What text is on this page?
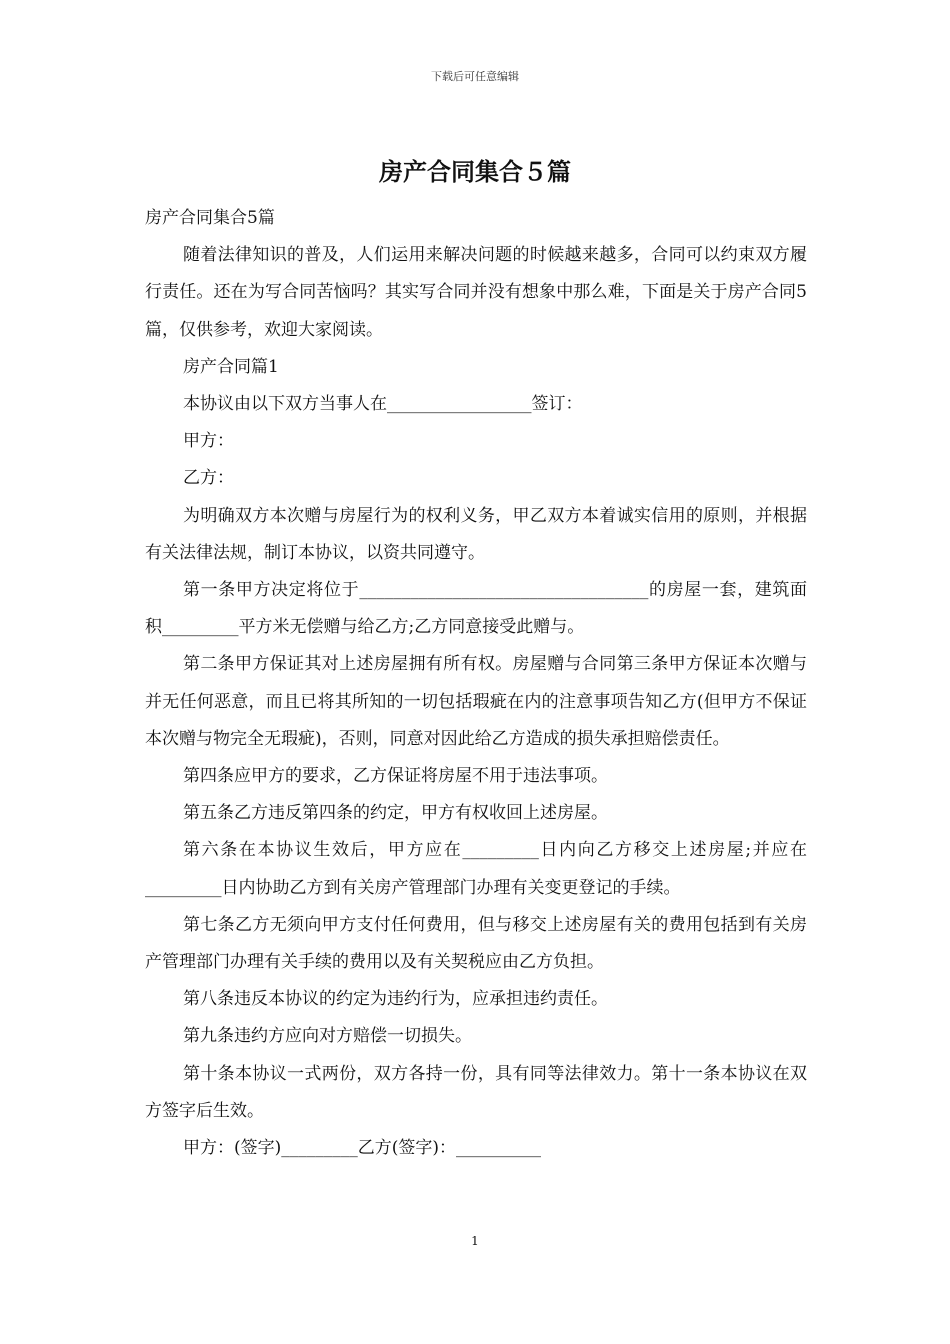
下载后可任意编辑
房产合同集合５篇

房产合同集合5篇

随着法律知识的普及，人们运用来解决问题的时候越来越多，合同可以约束双方履行责任。还在为写合同苦恼吗？其实写合同并没有想象中那么难，下面是关于房产合同5篇，仅供参考，欢迎大家阅读。

房产合同篇1

本协议由以下双方当事人在_________________签订：

甲方：

乙方：

为明确双方本次赠与房屋行为的权利义务，甲乙双方本着诚实信用的原则，并根据有关法律法规，制订本协议，以资共同遵守。

第一条甲方决定将位于__________________________________的房屋一套，建筑面积_________平方米无偿赠与给乙方;乙方同意接受此赠与。

第二条甲方保证其对上述房屋拥有所有权。房屋赠与合同第三条甲方保证本次赠与并无任何恶意，而且已将其所知的一切包括瑕疵在内的注意事项告知乙方(但甲方不保证本次赠与物完全无瑕疵)，否则，同意对因此给乙方造成的损失承担赔偿责任。

第四条应甲方的要求，乙方保证将房屋不用于违法事项。

第五条乙方违反第四条的约定，甲方有权收回上述房屋。

第六条在本协议生效后，甲方应在_________日内向乙方移交上述房屋;并应在_________日内协助乙方到有关房产管理部门办理有关变更登记的手续。

第七条乙方无须向甲方支付任何费用，但与移交上述房屋有关的费用包括到有关房产管理部门办理有关手续的费用以及有关契税应由乙方负担。

第八条违反本协议的约定为违约行为，应承担违约责任。

第九条违约方应向对方赔偿一切损失。

第十条本协议一式两份，双方各持一份，具有同等法律效力。第十一条本协议在双方签字后生效。

甲方：(签字)_________乙方(签字)：__________

1
